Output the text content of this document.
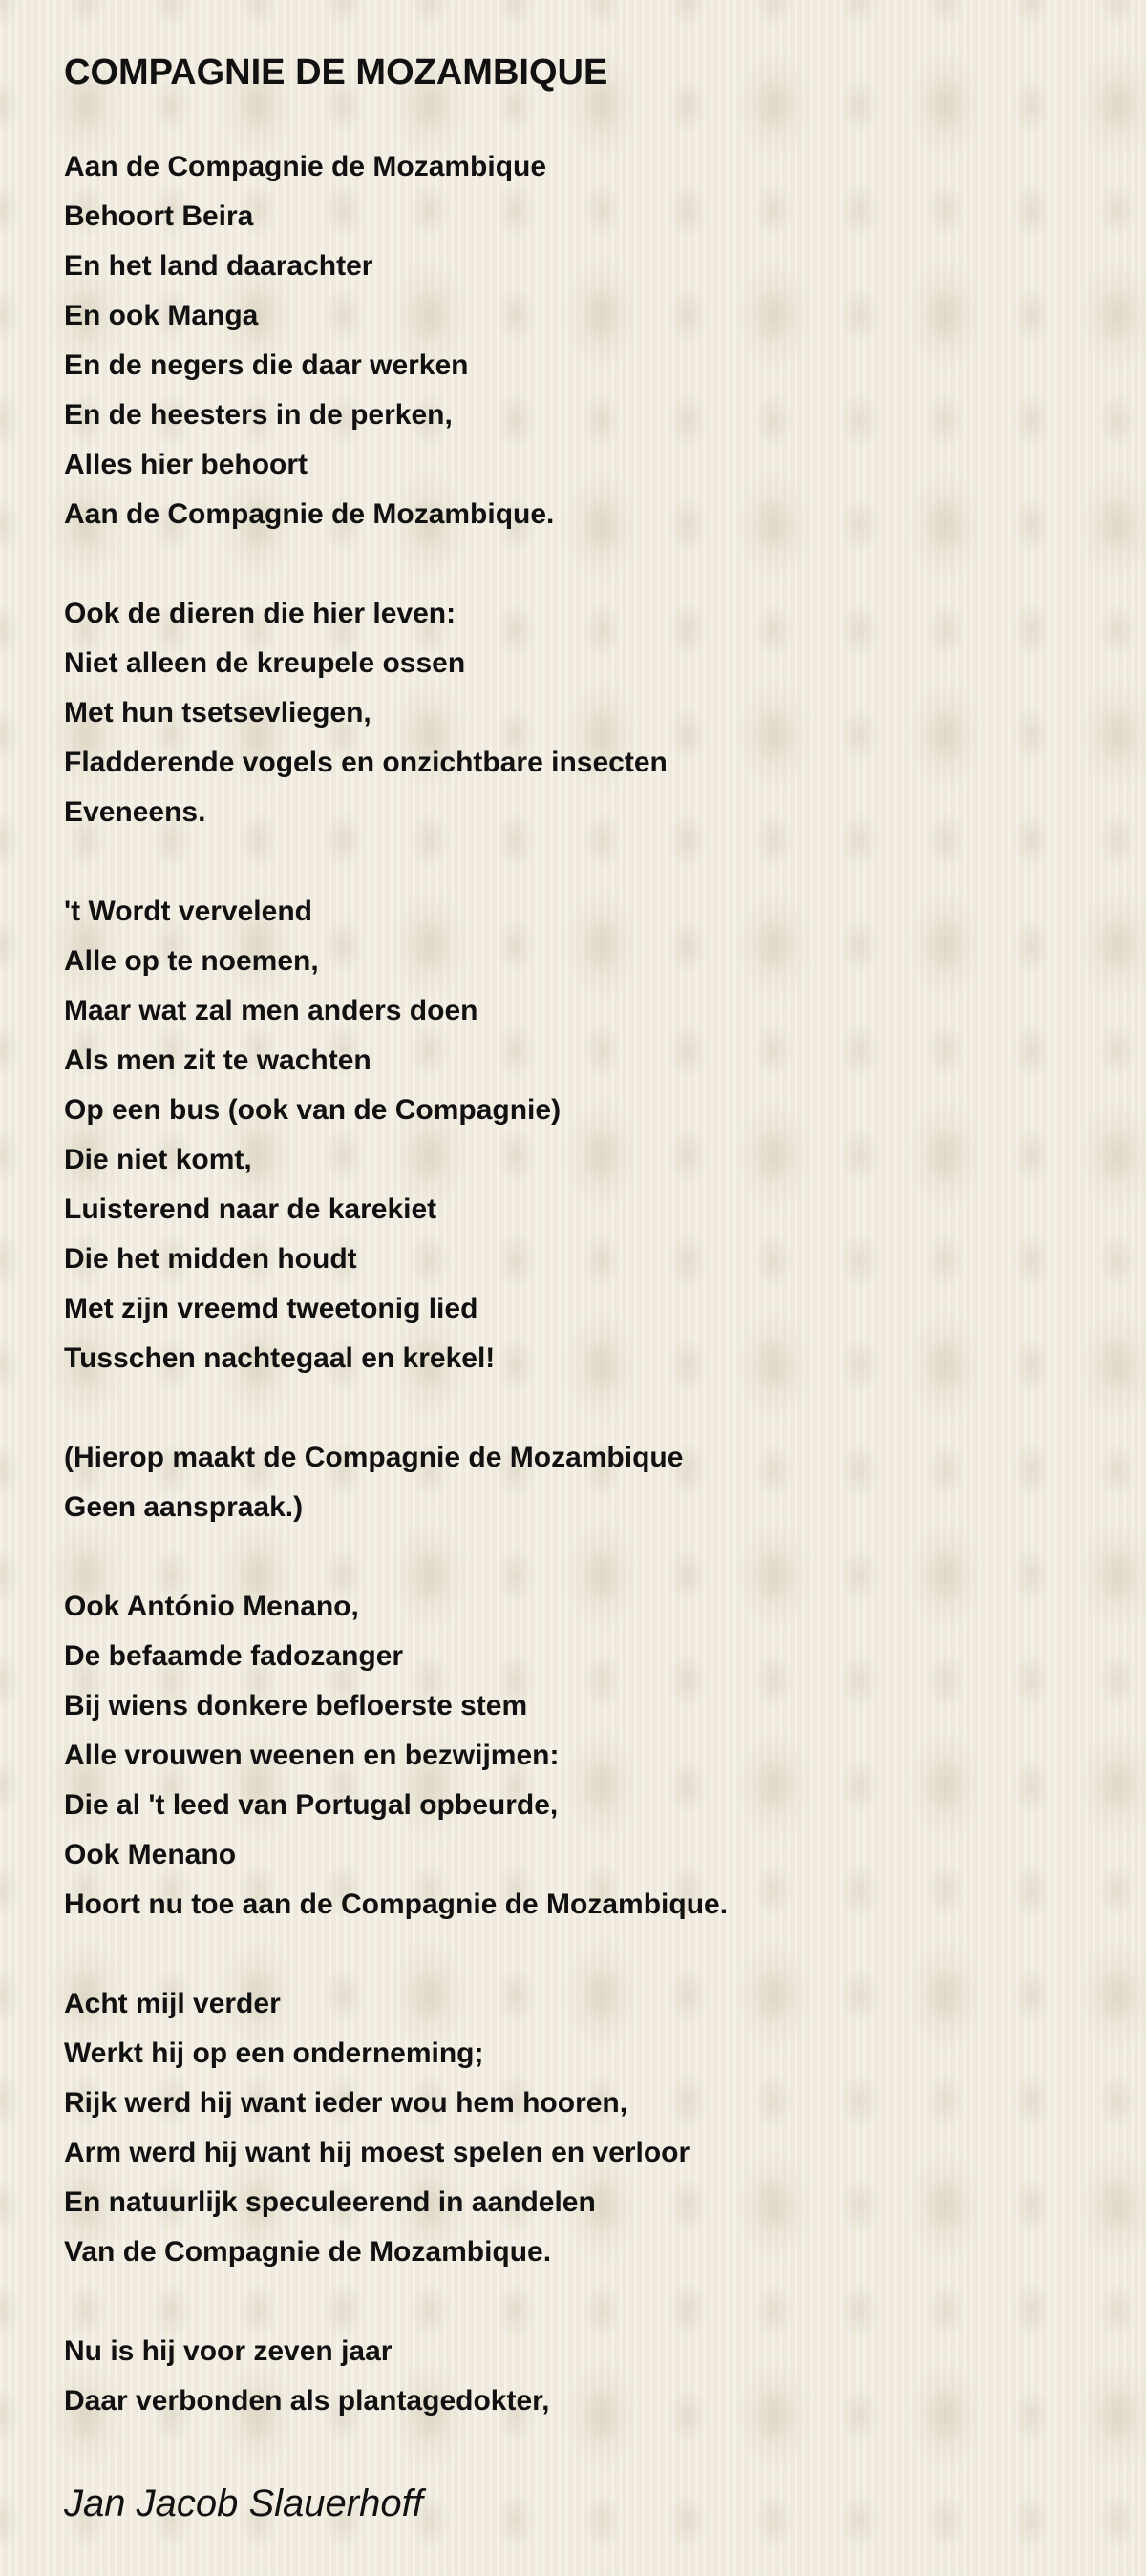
COMPAGNIE DE MOZAMBIQUE
Aan de Compagnie de Mozambique
Behoort Beira
En het land daarachter
En ook Manga
En de negers die daar werken
En de heesters in de perken,
Alles hier behoort
Aan de Compagnie de Mozambique.
Ook de dieren die hier leven:
Niet alleen de kreupele ossen
Met hun tsetsevliegen,
Fladderende vogels en onzichtbare insecten
Eveneens.
't Wordt vervelend
Alle op te noemen,
Maar wat zal men anders doen
Als men zit te wachten
Op een bus (ook van de Compagnie)
Die niet komt,
Luisterend naar de karekiet
Die het midden houdt
Met zijn vreemd tweetonig lied
Tusschen nachtegaal en krekel!
(Hierop maakt de Compagnie de Mozambique
Geen aanspraak.)
Ook António Menano,
De befaamde fadozanger
Bij wiens donkere befloerste stem
Alle vrouwen weenen en bezwijmen:
Die al 't leed van Portugal opbeurde,
Ook Menano
Hoort nu toe aan de Compagnie de Mozambique.
Acht mijl verder
Werkt hij op een onderneming;
Rijk werd hij want ieder wou hem hooren,
Arm werd hij want hij moest spelen en verloor
En natuurlijk speculeerend in aandelen
Van de Compagnie de Mozambique.
Nu is hij voor zeven jaar
Daar verbonden als plantagedokter,
Jan Jacob Slauerhoff
